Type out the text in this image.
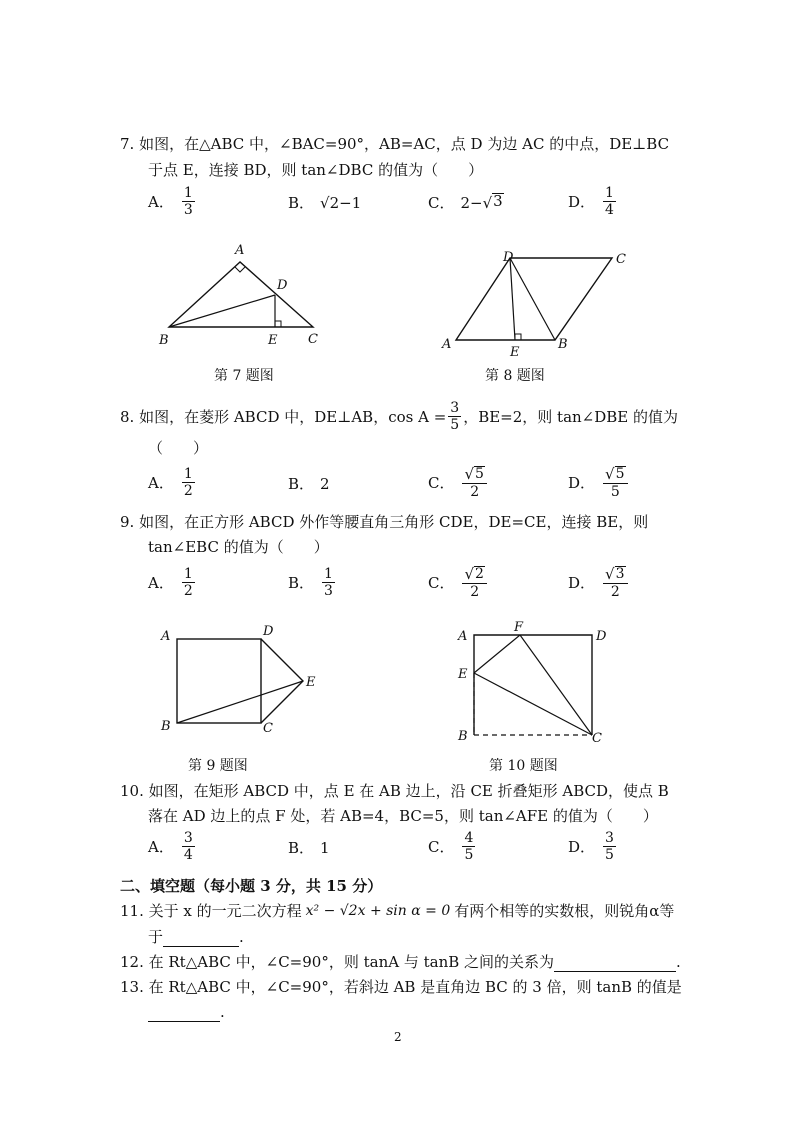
7. 如图，在△ABC 中，∠BAC=90°，AB=AC，点 D 为边 AC 的中点，DE⊥BC
于点 E，连接 BD，则 tan∠DBC 的值为（　　）
A． $\frac{1}{3}$	B． √2 −1	C． 2− √ 3	D． $\frac{1}{4}$
A
D
B	E C
第 7 题图
D	C
A
E
B
第 8 题图
8. 如图，在菱形 ABCD 中，DE⊥AB，$\cos A = \frac{3}{5}$ ，BE=2，则 tan∠DBE 的值为
（　　）
A． $\frac{1}{2}$	B． 2	C． $\frac{√ 5}{2}$	D． $\frac{√ 5}{5}$
9. 如图，在正方形 ABCD 外作等腰直角三角形 CDE，DE=CE，连接 BE，则
tan∠EBC 的值为（　　）
A． $\frac{1}{2}$	B． $\frac{1}{3}$	C． $\frac{√ 2}{2}$	D． $\frac{√ 3}{2}$
A	D
E
B	C
第 9 题图
A
F
D
E
B	C
第 10 题图
10. 如图，在矩形 ABCD 中，点 E 在 AB 边上，沿 CE 折叠矩形 ABCD，使点 B
落在 AD 边上的点 F 处，若 AB=4，BC=5，则 tan∠AFE 的值为（　　）
A． $\frac{3}{4}$	B． 1	C． $\frac{4}{5}$	D． $\frac{3}{5}$
二、填空题（每小题 3 分，共 15 分）
11. 关于 x 的一元二次方程 x² − √2x + sin α = 0 有两个相等的实数根，则锐角α等
于	.
12. 在 Rt△ABC 中，∠C=90°，则 tanA 与 tanB 之间的关系为	.
13. 在 Rt△ABC 中，∠C=90°，若斜边 AB 是直角边 BC 的 3 倍，则 tanB 的值是
.
2
